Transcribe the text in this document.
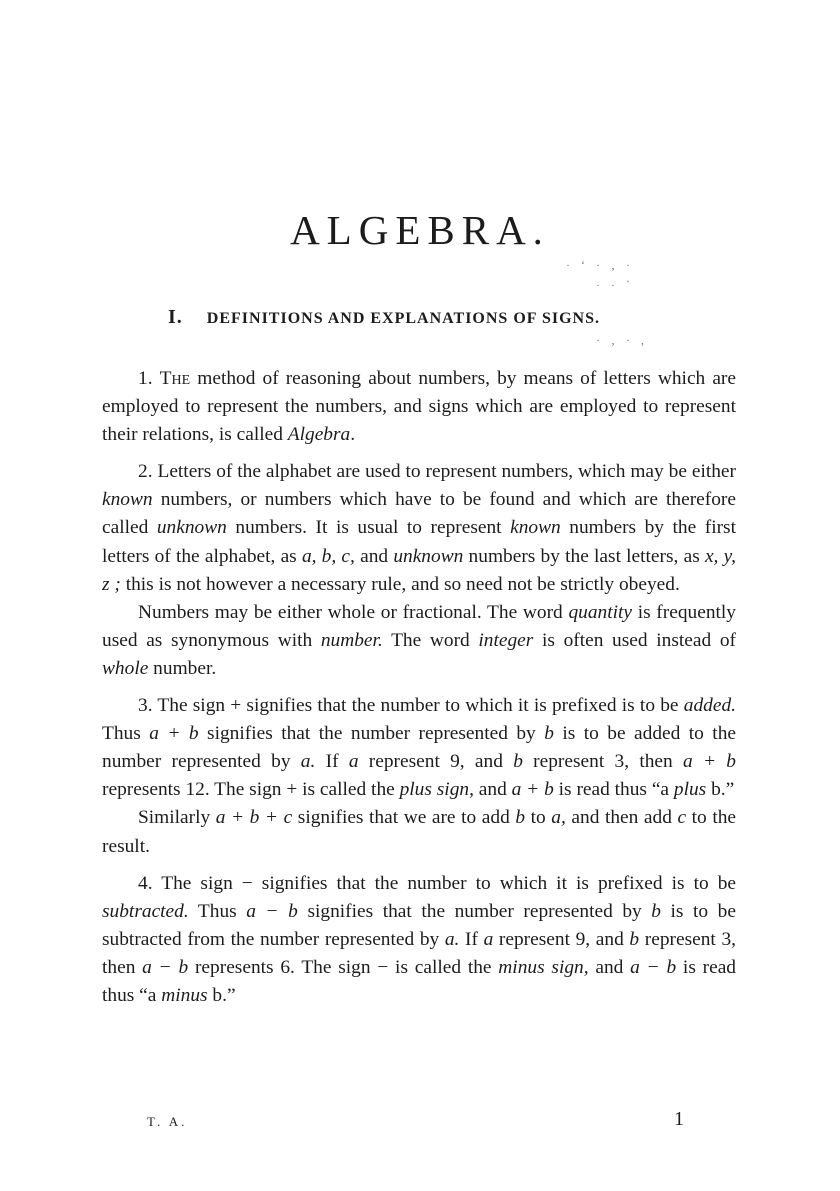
ALGEBRA.
· ‘ · ‚ ·
· · ˋ
I. DEFINITIONS AND EXPLANATIONS OF SIGNS.
· ‚ · ,

1. The method of reasoning about numbers, by means of letters which are employed to represent the numbers, and signs which are employed to represent their relations, is called Algebra.

2. Letters of the alphabet are used to represent numbers, which may be either known numbers, or numbers which have to be found and which are therefore called unknown numbers. It is usual to represent known numbers by the first letters of the alphabet, as a, b, c, and unknown numbers by the last letters, as x, y, z ; this is not however a necessary rule, and so need not be strictly obeyed.

Numbers may be either whole or fractional. The word quantity is frequently used as synonymous with number. The word integer is often used instead of whole number.

3. The sign + signifies that the number to which it is prefixed is to be added. Thus a + b signifies that the number represented by b is to be added to the number represented by a. If a represent 9, and b represent 3, then a + b represents 12. The sign + is called the plus sign, and a + b is read thus “a plus b.”

Similarly a + b + c signifies that we are to add b to a, and then add c to the result.

4. The sign − signifies that the number to which it is prefixed is to be subtracted. Thus a − b signifies that the number represented by b is to be subtracted from the number represented by a. If a represent 9, and b represent 3, then a − b represents 6. The sign − is called the minus sign, and a − b is read thus “a minus b.”

T. A.	1
